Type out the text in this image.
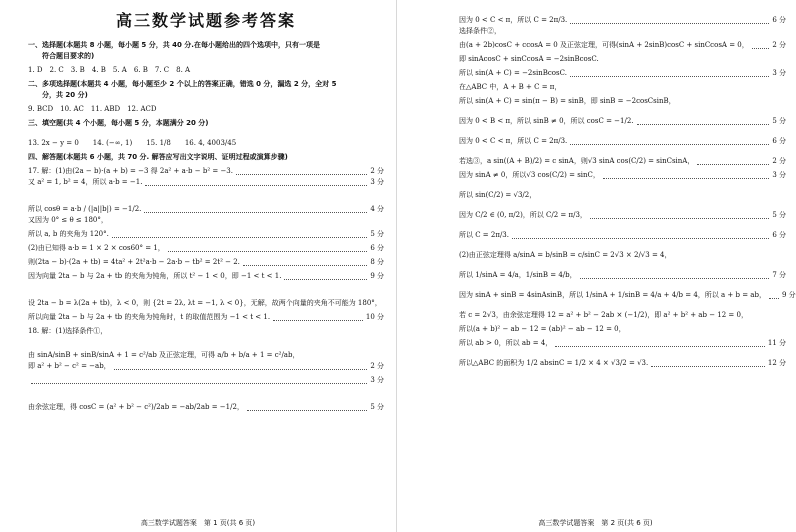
高三数学试题参考答案
一、选择题(本题共 8 小题，每小题 5 分，共 40 分.在每小题给出的四个选项中，只有一项是
　　符合题目要求的)
1. D　2. C　3. B　4. B　5. A　6. B　7. C　8. A
二、多项选择题(本题共 4 小题，每小题至少 2 个以上的答案正确，错选 0 分，漏选 2 分，全对 5
　　分，共 20 分)
9. BCD　10. AC　11. ABD　12. ACD
三、填空题(共 4 个小题，每小题 5 分，本题满分 20 分)
13. 2x − y = 0　　14. (−∞, 1)　　15. 1/8　　16. 4, 4003/45
四、解答题(本题共 6 小题，共 70 分. 解答应写出文字说明、证明过程或演算步骤)
17. 解：(1)由(2a − b)·(a + b) = −3 得 2a² + a·b − b² = −3.	2 分
又 a² = 1, b² = 4，所以 a·b = −1.	3 分
所以 cosθ = a·b / (|a||b|) = −1/2.	4 分
又因为 0° ≤ θ ≤ 180°，
所以 a, b 的夹角为 120°.	5 分
(2)由已知得 a·b = 1 × 2 × cos60° = 1，	6 分
则(2ta − b)·(2a + tb) = 4ta² + 2t²a·b − 2a·b − tb² = 2t² − 2.	8 分
因为向量 2ta − b 与 2a + tb 的夹角为钝角，所以 t² − 1 < 0，即 −1 < t < 1.	9 分
设 2ta − b = λ(2a + tb)，λ < 0，则 {2t = 2λ, λt = −1, λ < 0}，无解，故两个向量的夹角不可能为 180°，
所以向量 2ta − b 与 2a + tb 的夹角为钝角时，t 的取值范围为 −1 < t < 1.	10 分
18. 解：(1)选择条件①，
由 sinA/sinB + sinB/sinA + 1 = c²/ab 及正弦定理，可得 a/b + b/a + 1 = c²/ab，
即 a² + b² − c² = −ab，	2 分
3 分
由余弦定理，得 cosC = (a² + b² − c²)/2ab = −ab/2ab = −1/2，	5 分
高三数学试题答案　第 1 页(共 6 页)
因为 0 < C < π，所以 C = 2π/3.	6 分
选择条件②，
由(a + 2b)cosC + ccosA = 0 及正弦定理，可得(sinA + 2sinB)cosC + sinCcosA = 0，	2 分
即 sinAcosC + sinCcosA = −2sinBcosC.
所以 sin(A + C) = −2sinBcosC.	3 分
在△ABC 中，A + B + C = π，
所以 sin(A + C) = sin(π − B) = sinB，即 sinB = −2cosCsinB，
因为 0 < B < π，所以 sinB ≠ 0，所以 cosC = −1/2.	5 分
因为 0 < C < π，所以 C = 2π/3.	6 分
若选③，a sin((A + B)/2) = c sinA，则√3 sinA cos(C/2) = sinCsinA，	2 分
因为 sinA ≠ 0，所以√3 cos(C/2) = sinC，	3 分
所以 sin(C/2) = √3/2，
因为 C/2 ∈ (0, π/2)，所以 C/2 = π/3，	5 分
所以 C = 2π/3.	6 分
(2)由正弦定理得 a/sinA = b/sinB = c/sinC = 2√3 × 2/√3 = 4，
所以 1/sinA = 4/a，1/sinB = 4/b，	7 分
因为 sinA + sinB = 4sinAsinB，所以 1/sinA + 1/sinB = 4/a + 4/b = 4，所以 a + b = ab， 9 分
若 c = 2√3，由余弦定理得 12 = a² + b² − 2ab × (−1/2)，即 a² + b² + ab − 12 = 0，
所以(a + b)² − ab − 12 = (ab)² − ab − 12 = 0，
所以 ab > 0，所以 ab = 4，	11 分
所以△ABC 的面积为 1/2 absinC = 1/2 × 4 × √3/2 = √3.	12 分
高三数学试题答案　第 2 页(共 6 页)
